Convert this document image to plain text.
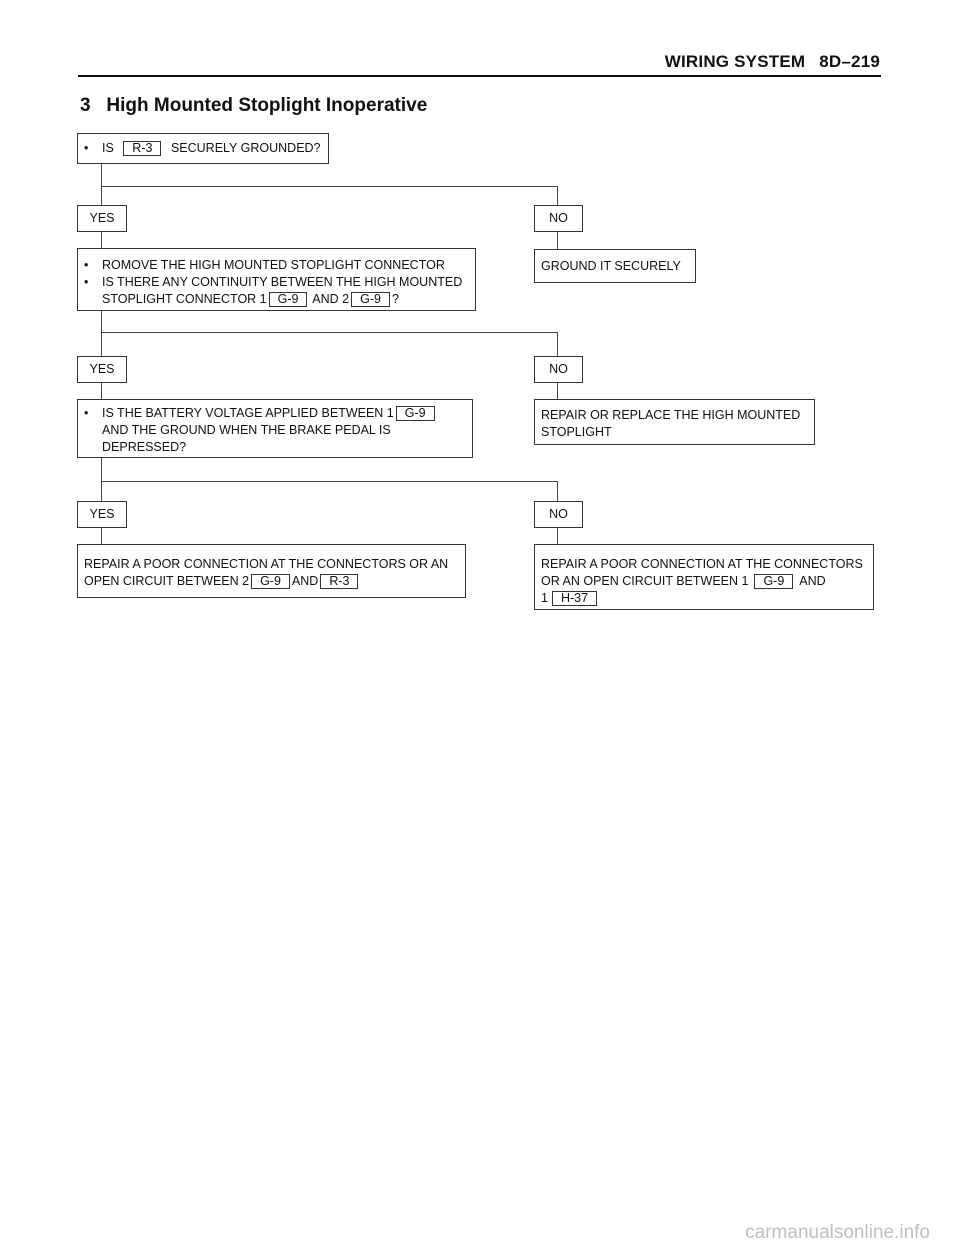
WIRING SYSTEM 8D–219
3   High Mounted Stoplight Inoperative
• IS R-3 SECURELY GROUNDED?
YES	NO
GROUND IT SECURELY
• ROMOVE THE HIGH MOUNTED STOPLIGHT CONNECTOR
• IS THERE ANY CONTINUITY BETWEEN THE HIGH MOUNTED
STOPLIGHT CONNECTOR 1 G-9 AND 2 G-9 ?
YES	NO
REPAIR OR REPLACE THE HIGH MOUNTED
STOPLIGHT
• IS THE BATTERY VOLTAGE APPLIED BETWEEN 1 G-9
AND THE GROUND WHEN THE BRAKE PEDAL IS
DEPRESSED?
YES	NO
REPAIR A POOR CONNECTION AT THE CONNECTORS OR AN
OPEN CIRCUIT BETWEEN 2 G-9 AND R-3
REPAIR A POOR CONNECTION AT THE CONNECTORS
OR AN OPEN CIRCUIT BETWEEN 1 G-9 AND
1 H-37
carmanualsonline.info
